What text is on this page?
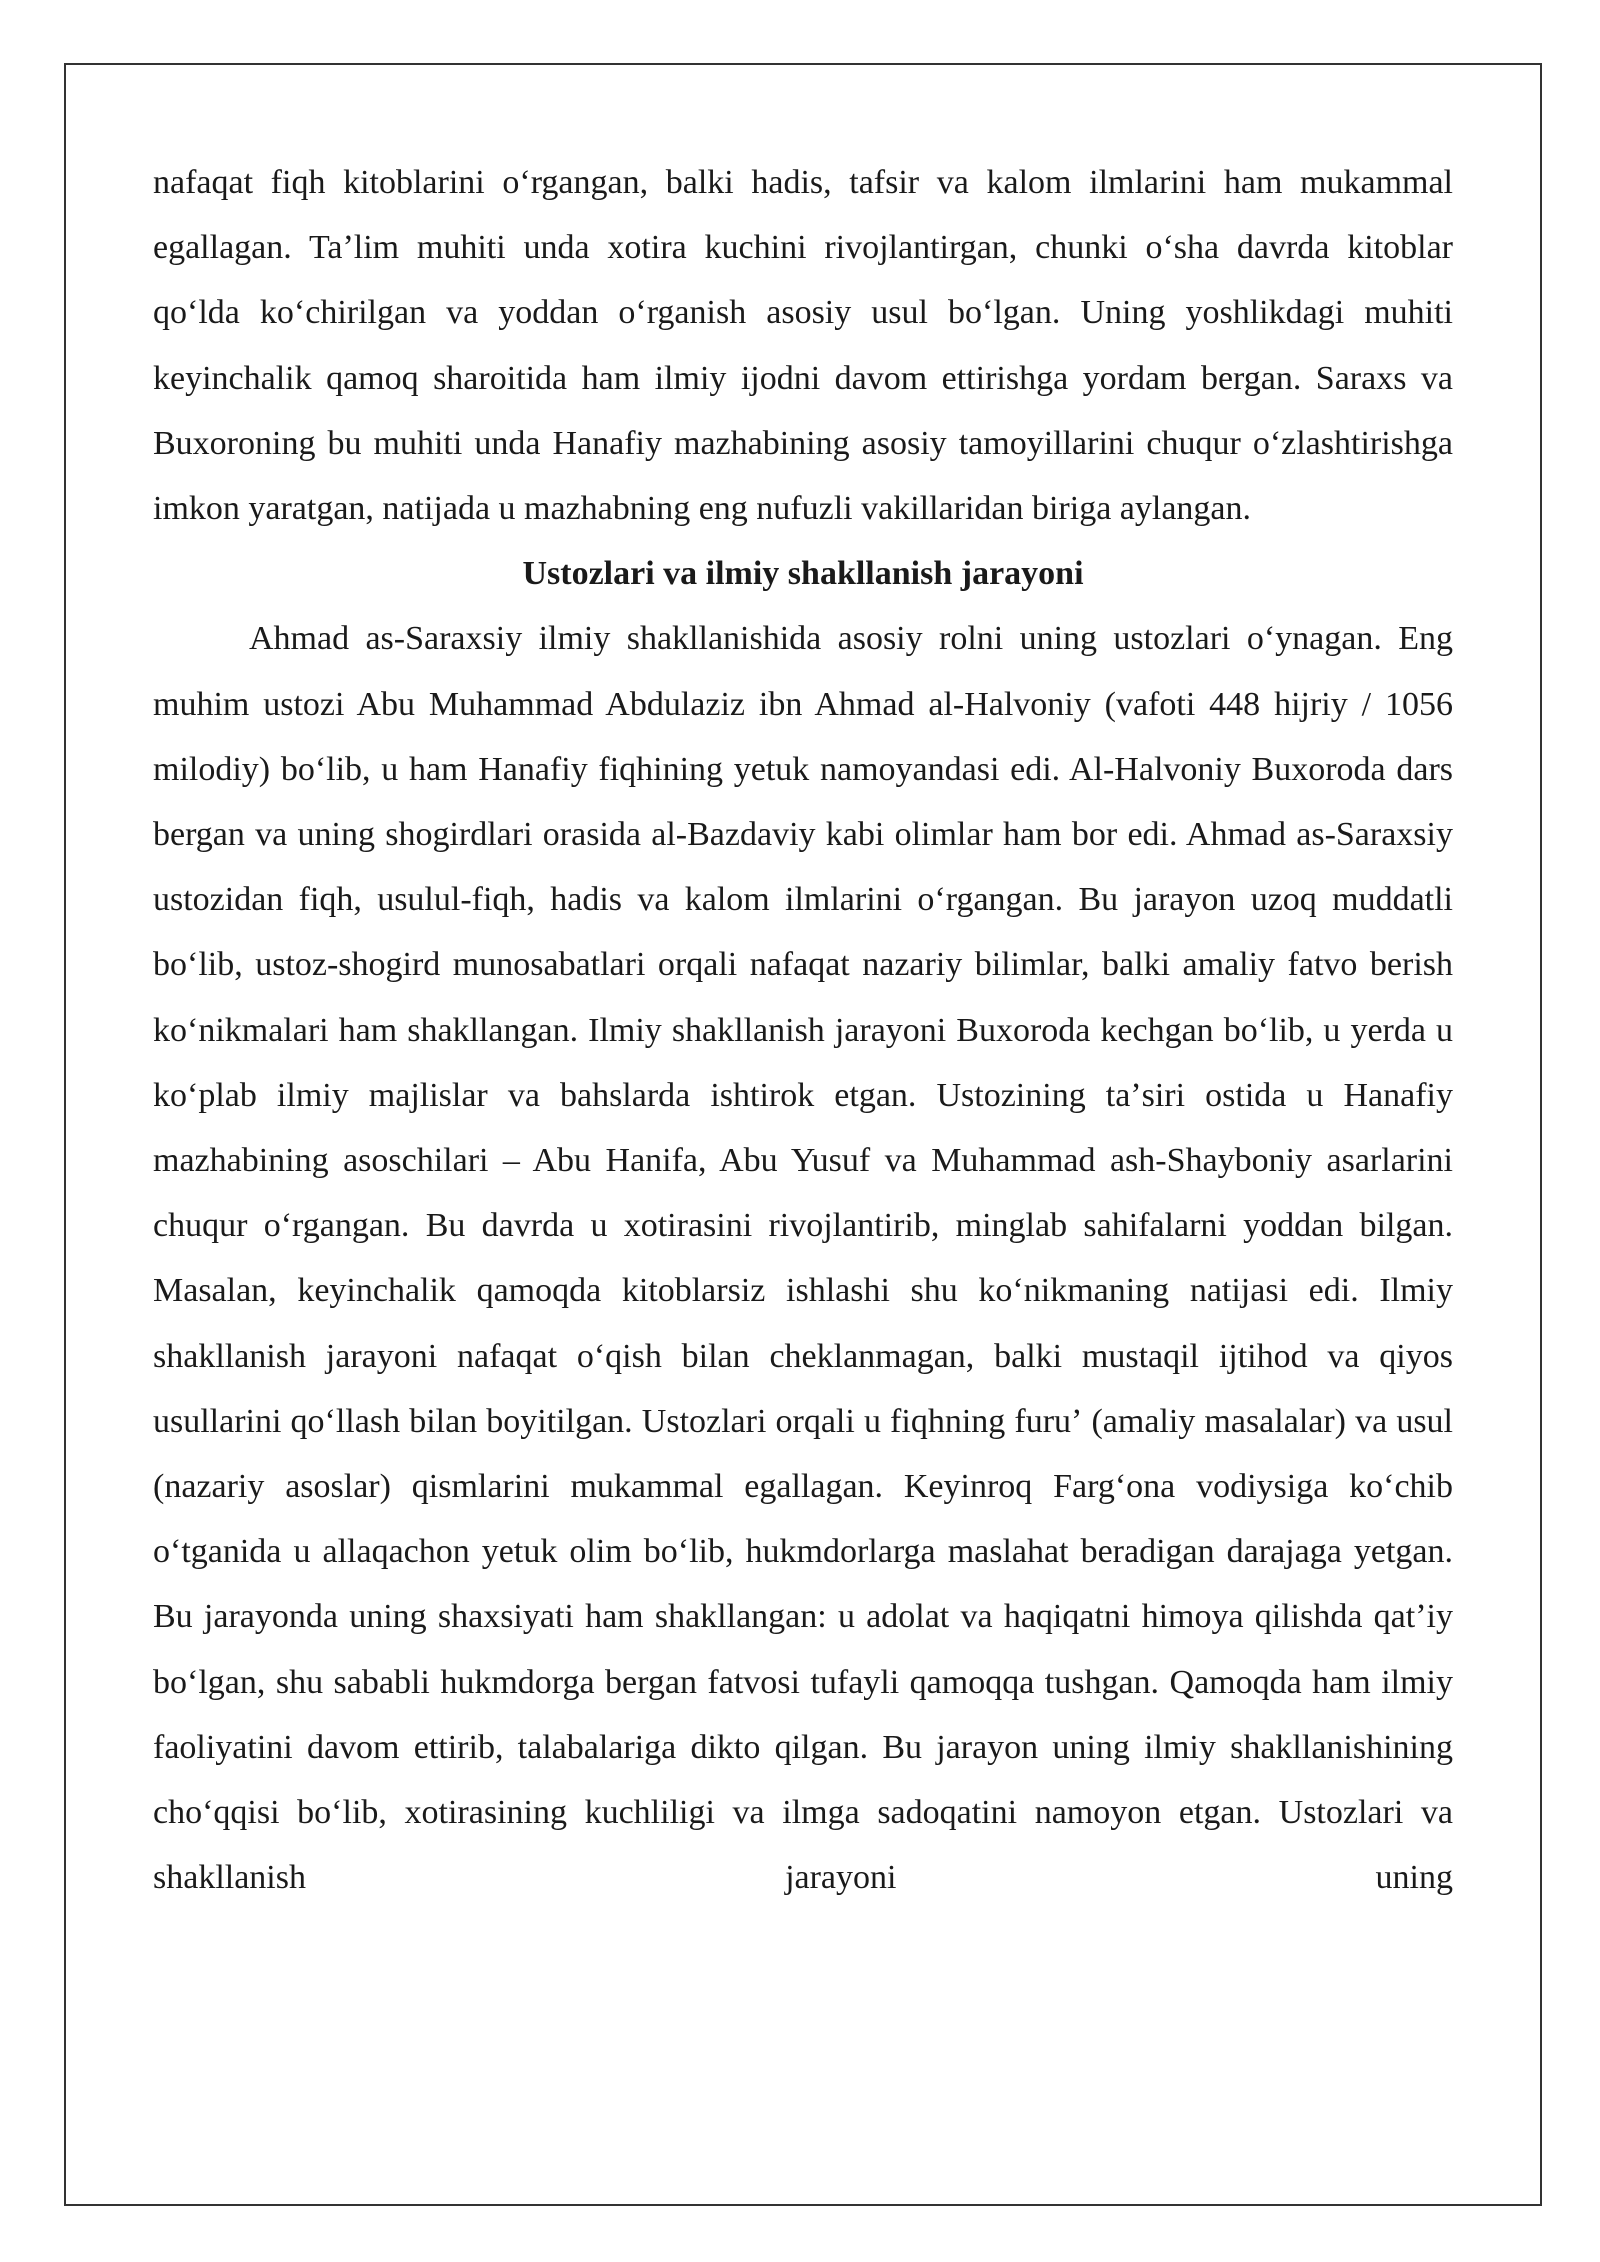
nafaqat fiqh kitoblarini oʻrgangan, balki hadis, tafsir va kalom ilmlarini ham mukammal egallagan. Taʼlim muhiti unda xotira kuchini rivojlantirgan, chunki oʻsha davrda kitoblar qoʻlda koʻchirilgan va yoddan oʻrganish asosiy usul boʻlgan. Uning yoshlikdagi muhiti keyinchalik qamoq sharoitida ham ilmiy ijodni davom ettirishga yordam bergan. Saraxs va Buxoroning bu muhiti unda Hanafiy mazhabining asosiy tamoyillarini chuqur oʻzlashtirishga imkon yaratgan, natijada u mazhabning eng nufuzli vakillaridan biriga aylangan.

Ustozlari va ilmiy shakllanish jarayoni

Ahmad as-Saraxsiy ilmiy shakllanishida asosiy rolni uning ustozlari oʻynagan. Eng muhim ustozi Abu Muhammad Abdulaziz ibn Ahmad al-Halvoniy (vafoti 448 hijriy / 1056 milodiy) boʻlib, u ham Hanafiy fiqhining yetuk namoyandasi edi. Al-Halvoniy Buxoroda dars bergan va uning shogirdlari orasida al-Bazdaviy kabi olimlar ham bor edi. Ahmad as-Saraxsiy ustozidan fiqh, usulul-fiqh, hadis va kalom ilmlarini oʻrgangan. Bu jarayon uzoq muddatli boʻlib, ustoz-shogird munosabatlari orqali nafaqat nazariy bilimlar, balki amaliy fatvo berish koʻnikmalari ham shakllangan. Ilmiy shakllanish jarayoni Buxoroda kechgan boʻlib, u yerda u koʻplab ilmiy majlislar va bahslarda ishtirok etgan. Ustozining taʼsiri ostida u Hanafiy mazhabining asoschilari – Abu Hanifa, Abu Yusuf va Muhammad ash-Shayboniy asarlarini chuqur oʻrgangan. Bu davrda u xotirasini rivojlantirib, minglab sahifalarni yoddan bilgan. Masalan, keyinchalik qamoqda kitoblarsiz ishlashi shu koʻnikmaning natijasi edi. Ilmiy shakllanish jarayoni nafaqat oʻqish bilan cheklanmagan, balki mustaqil ijtihod va qiyos usullarini qoʻllash bilan boyitilgan. Ustozlari orqali u fiqhning furuʼ (amaliy masalalar) va usul (nazariy asoslar) qismlarini mukammal egallagan. Keyinroq Fargʻona vodiysiga koʻchib oʻtganida u allaqachon yetuk olim boʻlib, hukmdorlarga maslahat beradigan darajaga yetgan. Bu jarayonda uning shaxsiyati ham shakllangan: u adolat va haqiqatni himoya qilishda qatʼiy boʻlgan, shu sababli hukmdorga bergan fatvosi tufayli qamoqqa tushgan. Qamoqda ham ilmiy faoliyatini davom ettirib, talabalariga dikto qilgan. Bu jarayon uning ilmiy shakllanishining choʻqqisi boʻlib, xotirasining kuchliligi va ilmga sadoqatini namoyon etgan. Ustozlari va shakllanish jarayoni uning
